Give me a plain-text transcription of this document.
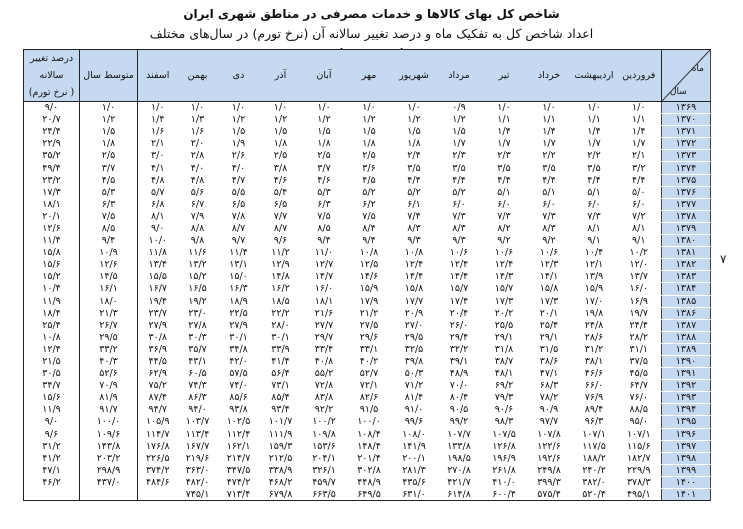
شاخص کل بهای کالاها و خدمات مصرفی در مناطق شهری ایران
اعداد شاخص کل به تفکیک ماه و درصد تغییر سالانه آن (نرخ تورم) در سال‌های مختلف
ماه
سال
	فروردین	اردیبهشت	خرداد	تیر	مرداد	شهریور	مهر	آبان	آذر	دی	بهمن	اسفند	متوسط سال	
درصد تغییر
سالانه
( نرخ تورم)

۱۳۶۹	۱/۰	۱/۰	۱/۰	۱/۰	۰/۹	۱/۰	۱/۰	۱/۰	۱/۰	۱/۰	۱/۰	۱/۰	۱/۰	۹/۰
۱۳۷۰	۱/۱	۱/۱	۱/۱	۱/۱	۱/۲	۱/۲	۱/۲	۱/۲	۱/۲	۱/۲	۱/۳	۱/۴	۱/۲	۲۰/۷
۱۳۷۱	۱/۴	۱/۴	۱/۴	۱/۴	۱/۵	۱/۵	۱/۵	۱/۵	۱/۵	۱/۵	۱/۶	۱/۶	۱/۵	۲۴/۴
۱۳۷۲	۱/۷	۱/۷	۱/۷	۱/۷	۱/۷	۱/۸	۱/۸	۱/۸	۱/۸	۱/۹	۲/۰	۲/۱	۱/۸	۲۲/۹
۱۳۷۳	۲/۱	۲/۲	۲/۲	۲/۳	۲/۳	۲/۴	۲/۵	۲/۵	۲/۵	۲/۶	۲/۸	۳/۰	۲/۵	۳۵/۲
۱۳۷۴	۳/۲	۳/۵	۳/۵	۳/۵	۳/۵	۳/۵	۳/۶	۳/۷	۳/۸	۴/۰	۴/۰	۴/۱	۳/۷	۴۹/۴
۱۳۷۵	۴/۴	۴/۴	۴/۴	۴/۴	۴/۴	۴/۴	۴/۵	۴/۶	۴/۶	۴/۷	۴/۸	۴/۸	۴/۵	۲۳/۲
۱۳۷۶	۵/۰	۵/۱	۵/۱	۵/۱	۵/۲	۵/۲	۵/۲	۵/۳	۵/۴	۵/۵	۵/۶	۵/۷	۵/۳	۱۷/۳
۱۳۷۷	۶/۰	۶/۰	۶/۰	۶/۰	۶/۰	۶/۱	۶/۲	۶/۳	۶/۵	۶/۵	۶/۷	۶/۸	۶/۳	۱۸/۱
۱۳۷۸	۷/۲	۷/۳	۷/۳	۷/۳	۷/۳	۷/۴	۷/۵	۷/۵	۷/۷	۷/۸	۷/۹	۸/۱	۷/۵	۲۰/۱
۱۳۷۹	۸/۱	۸/۱	۸/۳	۸/۲	۸/۳	۸/۳	۸/۴	۸/۵	۸/۷	۸/۷	۸/۸	۹/۰	۸/۵	۱۲/۶
۱۳۸۰	۹/۱	۹/۱	۹/۲	۹/۲	۹/۳	۹/۳	۹/۴	۹/۴	۹/۶	۹/۷	۹/۸	۱۰/۰	۹/۴	۱۱/۴
۱۳۸۱	۱۰/۲	۱۰/۴	۱۰/۶	۱۰/۶	۱۰/۶	۱۰/۸	۱۰/۸	۱۱/۰	۱۱/۲	۱۱/۴	۱۱/۶	۱۱/۸	۱۰/۹	۱۵/۸
۱۳۸۲	۱۲/۰	۱۲/۱	۱۲/۳	۱۲/۴	۱۲/۴	۱۲/۴	۱۲/۵	۱۲/۷	۱۲/۹	۱۳/۱	۱۳/۲	۱۳/۴	۱۲/۶	۱۵/۶
۱۳۸۳	۱۳/۷	۱۳/۹	۱۴/۱	۱۴/۳	۱۴/۴	۱۴/۴	۱۴/۶	۱۴/۷	۱۴/۸	۱۵/۰	۱۵/۲	۱۵/۵	۱۴/۵	۱۵/۲
۱۳۸۴	۱۶/۰	۱۵/۹	۱۵/۸	۱۵/۷	۱۵/۷	۱۵/۸	۱۵/۹	۱۶/۰	۱۶/۲	۱۶/۳	۱۶/۵	۱۶/۷	۱۶/۱	۱۰/۴
۱۳۸۵	۱۶/۹	۱۷/۰	۱۷/۳	۱۷/۳	۱۷/۴	۱۷/۷	۱۷/۹	۱۸/۱	۱۸/۵	۱۸/۹	۱۹/۲	۱۹/۴	۱۸/۰	۱۱/۹
۱۳۸۶	۱۹/۷	۱۹/۸	۲۰/۱	۲۰/۲	۲۰/۴	۲۰/۹	۲۱/۲	۲۱/۶	۲۲/۲	۲۲/۵	۲۳/۰	۲۳/۷	۲۱/۳	۱۸/۴
۱۳۸۷	۲۴/۴	۲۴/۸	۲۵/۴	۲۵/۵	۲۶/۰	۲۷/۰	۲۷/۵	۲۷/۷	۲۸/۰	۲۷/۹	۲۷/۸	۲۷/۹	۲۶/۷	۲۵/۴
۱۳۸۸	۲۸/۲	۲۸/۶	۲۹/۱	۲۹/۱	۲۹/۴	۲۹/۵	۲۹/۶	۲۹/۷	۳۰/۱	۳۰/۱	۳۰/۳	۳۰/۸	۲۹/۵	۱۰/۸
۱۳۸۹	۳۱/۱	۳۱/۲	۳۱/۵	۳۱/۸	۳۲/۲	۳۲/۵	۳۳/۱	۳۳/۴	۳۳/۹	۳۴/۸	۳۵/۷	۳۶/۹	۳۳/۲	۱۲/۴
۱۳۹۰	۳۷/۵	۳۸/۱	۳۸/۶	۳۸/۷	۳۹/۱	۳۹/۸	۴۰/۲	۴۰/۸	۴۱/۴	۴۲/۰	۴۳/۱	۴۴/۵	۴۰/۳	۲۱/۵
۱۳۹۱	۴۵/۵	۴۶/۶	۴۷/۱	۴۸/۱	۴۸/۹	۵۰/۳	۵۲/۷	۵۵/۲	۵۶/۴	۵۷/۵	۶۰/۵	۶۲/۹	۵۲/۶	۳۰/۵
۱۳۹۲	۶۴/۷	۶۶/۰	۶۸/۳	۶۹/۲	۷۰/۰	۷۱/۲	۷۲/۱	۷۲/۸	۷۳/۱	۷۴/۰	۷۴/۳	۷۵/۲	۷۰/۹	۳۴/۷
۱۳۹۳	۷۶/۰	۷۶/۹	۷۸/۲	۷۹/۳	۸۰/۴	۸۱/۴	۸۲/۶	۸۳/۸	۸۵/۴	۸۵/۶	۸۶/۳	۸۷/۴	۸۱/۹	۱۵/۶
۱۳۹۴	۸۸/۵	۸۹/۴	۹۰/۹	۹۰/۶	۹۰/۵	۹۱/۰	۹۱/۵	۹۲/۲	۹۳/۴	۹۳/۸	۹۴/۰	۹۴/۷	۹۱/۷	۱۱/۹
۱۳۹۵	۹۵/۰	۹۶/۳	۹۷/۷	۹۸/۳	۹۹/۲	۹۹/۶	۱۰۰/۰	۱۰۰/۲	۱۰۱/۷	۱۰۲/۵	۱۰۳/۷	۱۰۵/۹	۱۰۰/۰	۹/۰
۱۳۹۶	۱۰۷/۱	۱۰۷/۱	۱۰۷/۸	۱۰۷/۵	۱۰۷/۷	۱۰۸/۰	۱۰۸/۴	۱۰۹/۸	۱۱۱/۹	۱۱۲/۴	۱۱۳/۴	۱۱۴/۷	۱۰۹/۶	۹/۶
۱۳۹۷	۱۱۵/۶	۱۱۷/۵	۱۲۲/۶	۱۲۶/۸	۱۳۳/۸	۱۴۱/۹	۱۴۸/۴	۱۵۳/۶	۱۵۹/۳	۱۶۲/۱	۱۶۷/۷	۱۷۶/۸	۱۴۳/۸	۳۱/۲
۱۳۹۸	۱۸۲/۷	۱۸۸/۲	۱۹۲/۶	۱۹۶/۹	۱۹۸/۵	۲۰۰/۱	۲۰۱/۴	۲۰۴/۱	۲۱۲/۵	۲۱۴/۷	۲۱۹/۶	۲۲۶/۵	۲۰۳/۲	۴۱/۲
۱۳۹۹	۲۲۹/۹	۲۴۰/۲	۲۴۹/۸	۲۶۱/۸	۲۷۰/۸	۲۸۱/۳	۳۰۲/۸	۳۲۶/۱	۳۳۸/۹	۳۴۷/۵	۳۶۳/۰	۳۷۴/۲	۲۹۸/۹	۴۷/۱
۱۴۰۰	۳۷۸/۳	۳۸۲/۰	۳۹۹/۳	۴۱۰/۰	۴۲۱/۷	۴۳۵/۶	۴۴۸/۹	۴۵۹/۷	۴۶۸/۲	۴۷۴/۲	۴۸۲/۰	۴۸۴/۶	۴۳۷/۰	۴۶/۲
۱۴۰۱	۴۹۵/۱	۵۲۰/۴	۵۷۵/۴	۶۰۰/۴	۶۱۴/۸	۶۳۱/۰	۶۴۹/۵	۶۶۳/۵	۶۷۹/۸	۷۱۳/۴	۷۴۵/۱			
۷
